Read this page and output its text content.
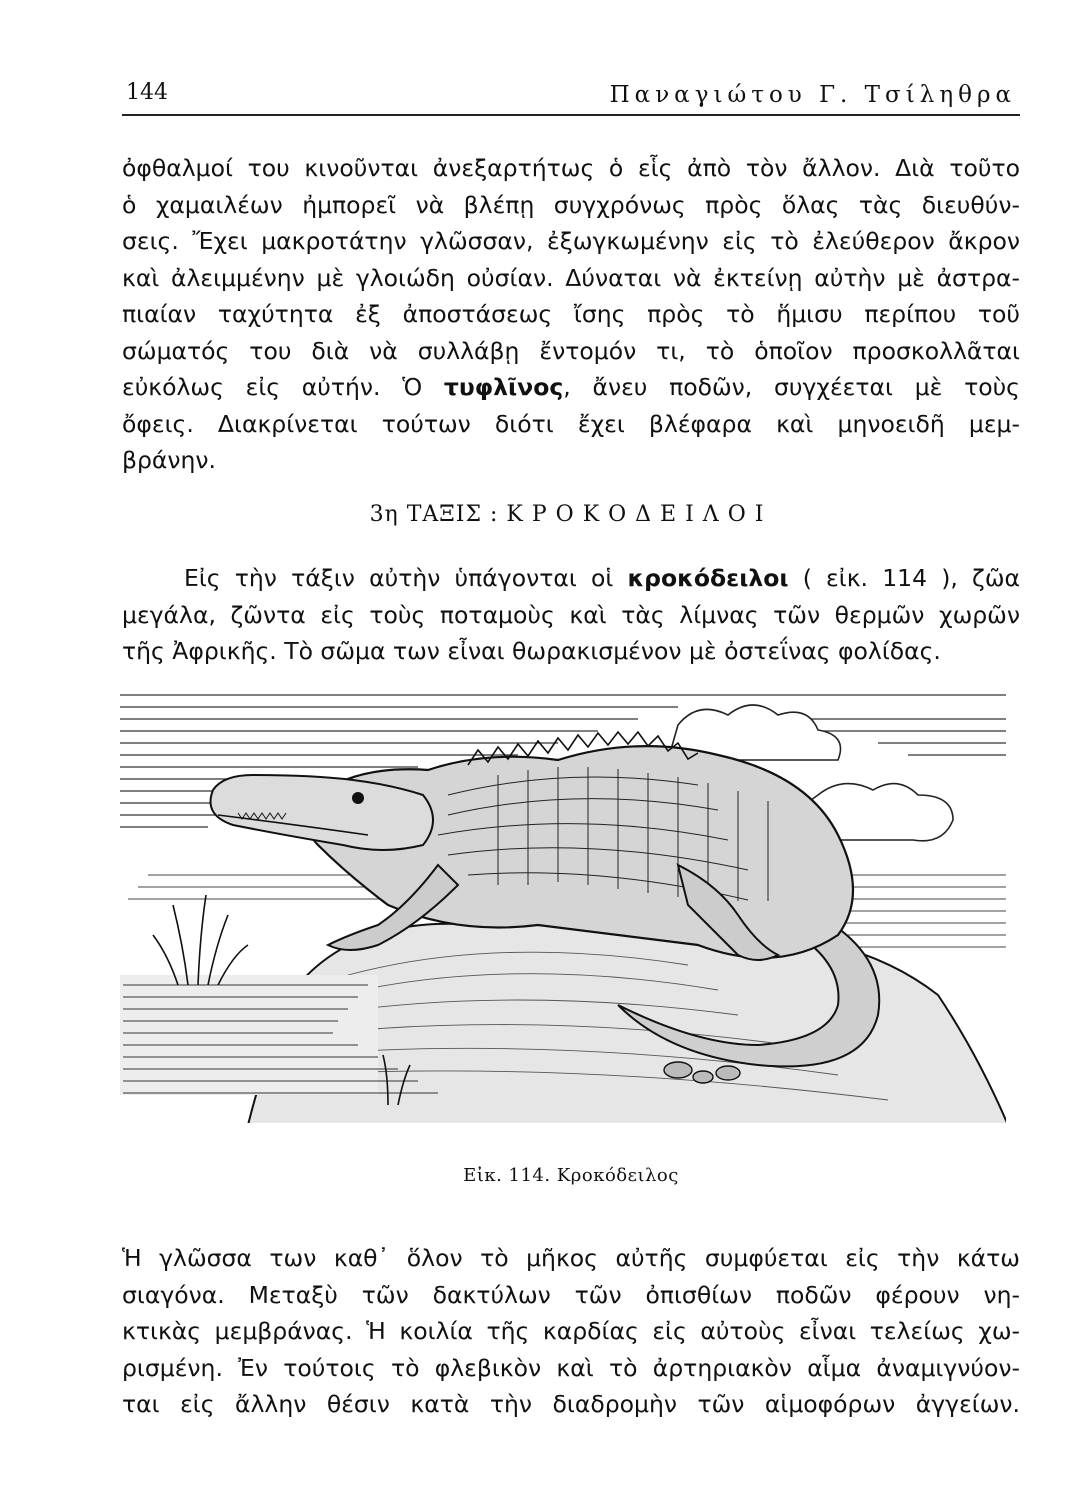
144	Παναγιώτου Γ. Τσίληθρα
ὀφθαλμοί του κινοῦνται ἀνεξαρτήτως ὁ εἷς ἀπὸ τὸν ἄλλον. Διὰ τοῦτο
ὁ χαμαιλέων ἠμπορεῖ νὰ βλέπῃ συγχρόνως πρὸς ὅλας τὰς διευθύν-
σεις. Ἔχει μακροτάτην γλῶσσαν, ἐξωγκωμένην εἰς τὸ ἐλεύθερον ἄκρον
καὶ ἀλειμμένην μὲ γλοιώδη οὐσίαν. Δύναται νὰ ἐκτείνῃ αὐτὴν μὲ ἀστρα-
πιαίαν ταχύτητα ἐξ ἀποστάσεως ἴσης πρὸς τὸ ἥμισυ περίπου τοῦ
σώματός του διὰ νὰ συλλάβῃ ἔντομόν τι, τὸ ὁποῖον προσκολλᾶται
εὐκόλως εἰς αὐτήν. Ὁ τυφλῖνος, ἄνευ ποδῶν, συγχέεται μὲ τοὺς
ὄφεις. Διακρίνεται τούτων διότι ἔχει βλέφαρα καὶ μηνοειδῆ μεμ-
βράνην.
3η ΤΑΞΙΣ : ΚΡΟΚΟΔΕΙΛΟΙ
Εἰς τὴν τάξιν αὐτὴν ὑπάγονται οἱ κροκόδειλοι ( εἰκ. 114 ), ζῶα
μεγάλα, ζῶντα εἰς τοὺς ποταμοὺς καὶ τὰς λίμνας τῶν θερμῶν χωρῶν
τῆς Ἀφρικῆς. Τὸ σῶμα των εἶναι θωρακισμένον μὲ ὀστεΐνας φολίδας.
Εἰκ. 114. Κροκόδειλος
Ἡ γλῶσσα των καθ᾿ ὅλον τὸ μῆκος αὐτῆς συμφύεται εἰς τὴν κάτω
σιαγόνα. Μεταξὺ τῶν δακτύλων τῶν ὀπισθίων ποδῶν φέρουν νη-
κτικὰς μεμβράνας. Ἡ κοιλία τῆς καρδίας εἰς αὐτοὺς εἶναι τελείως χω-
ρισμένη. Ἐν τούτοις τὸ φλεβικὸν καὶ τὸ ἀρτηριακὸν αἷμα ἀναμιγνύον-
ται εἰς ἄλλην θέσιν κατὰ τὴν διαδρομὴν τῶν αἱμοφόρων ἀγγείων.
